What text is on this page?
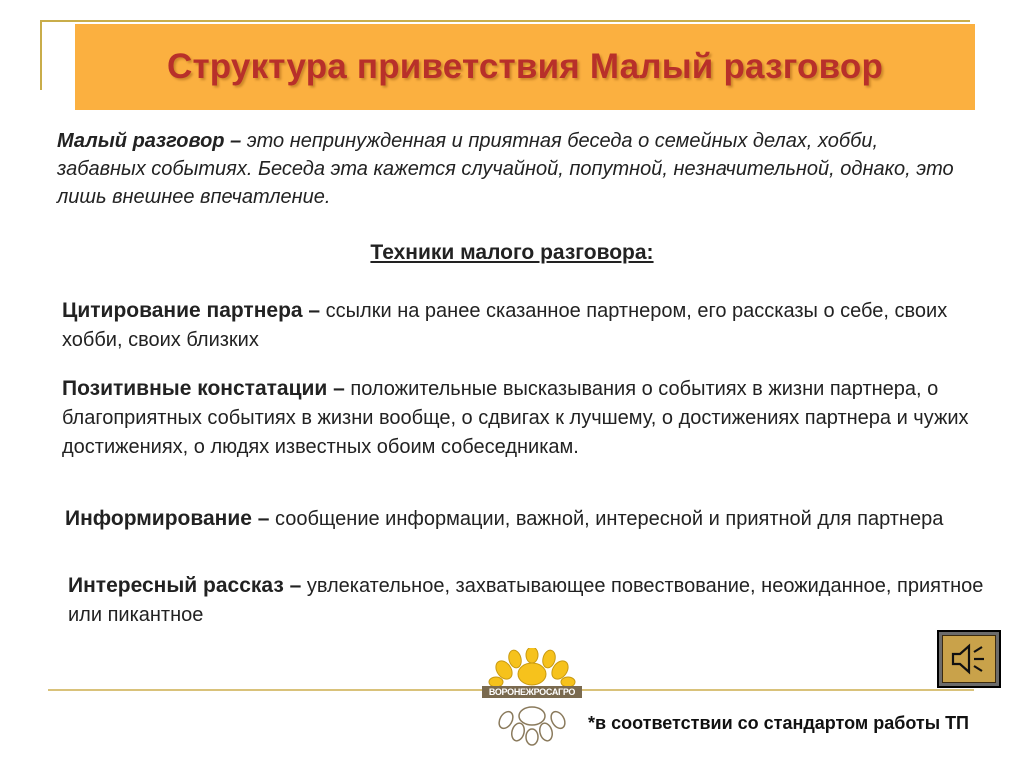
Структура приветствия Малый разговор
Малый разговор – это непринужденная и приятная беседа о семейных делах, хобби, забавных событиях. Беседа эта кажется случайной, попутной, незначительной, однако, это лишь внешнее впечатление.
Техники малого разговора:
Цитирование партнера – ссылки на ранее сказанное партнером, его рассказы о себе, своих хобби, своих близких
Позитивные констатации – положительные высказывания о событиях в жизни партнера, о благоприятных событиях в жизни вообще, о сдвигах к лучшему, о достижениях партнера и чужих достижениях, о людях известных обоим собеседникам.
Информирование – сообщение информации, важной, интересной и приятной для партнера
Интересный рассказ – увлекательное, захватывающее повествование, неожиданное, приятное или пикантное
ВОРОНЕЖРОСАГРО
*в соответствии со стандартом работы ТП
